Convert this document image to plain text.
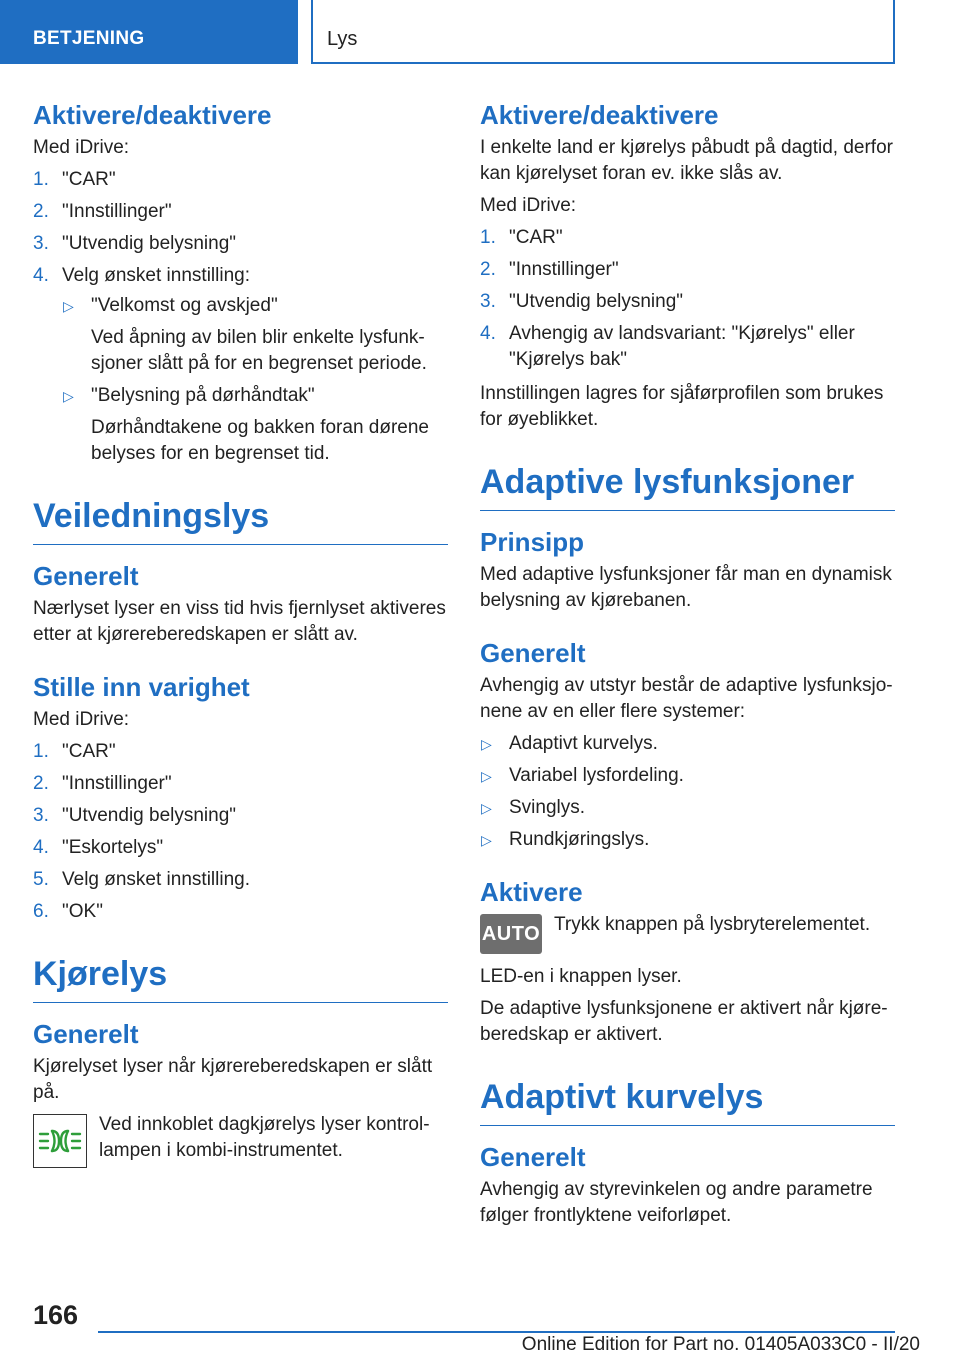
BETJENING	Lys
Aktivere/deaktivere

Med iDrive:

1. "CAR"
2. "Innstillinger"
3. "Utvendig belysning"
4. Velg ønsket innstilling:
▷ "Velkomst og avskjed"
Ved åpning av bilen blir enkelte lysfunk-sjoner slått på for en begrenset periode.
▷ "Belysning på dørhåndtak"
Dørhåndtakene og bakken foran dørene belyses for en begrenset tid.
Veiledningslys
Generelt

Nærlyset lyser en viss tid hvis fjernlyset aktiveres etter at kjørereberedskapen er slått av.

Stille inn varighet

Med iDrive:

1. "CAR"
2. "Innstillinger"
3. "Utvendig belysning"
4. "Eskortelys"
5. Velg ønsket innstilling.
6. "OK"
Kjørelys
Generelt

Kjørelyset lyser når kjørereberedskapen er slått på.

Ved innkoblet dagkjørelys lyser kontrol-lampen i kombi-instrumentet.

Aktivere/deaktivere

I enkelte land er kjørelys påbudt på dagtid, derfor kan kjørelyset foran ev. ikke slås av.

Med iDrive:

1. "CAR"
2. "Innstillinger"
3. "Utvendig belysning"
4. Avhengig av landsvariant: "Kjørelys" eller "Kjørelys bak"

Innstillingen lagres for sjåførprofilen som brukes for øyeblikket.

Adaptive lysfunksjoner
Prinsipp

Med adaptive lysfunksjoner får man en dynamisk belysning av kjørebanen.

Generelt

Avhengig av utstyr består de adaptive lysfunksjo-nene av en eller flere systemer:

▷ Adaptivt kurvelys.
▷ Variabel lysfordeling.
▷ Svinglys.
▷ Rundkjøringslys.
Aktivere
AUTO Trykk knappen på lysbryterelementet.

LED-en i knappen lyser.

De adaptive lysfunksjonene er aktivert når kjøre-beredskap er aktivert.

Adaptivt kurvelys
Generelt

Avhengig av styrevinkelen og andre parametre følger frontlyktene veiforløpet.

166
Online Edition for Part no. 01405A033C0 - II/20
